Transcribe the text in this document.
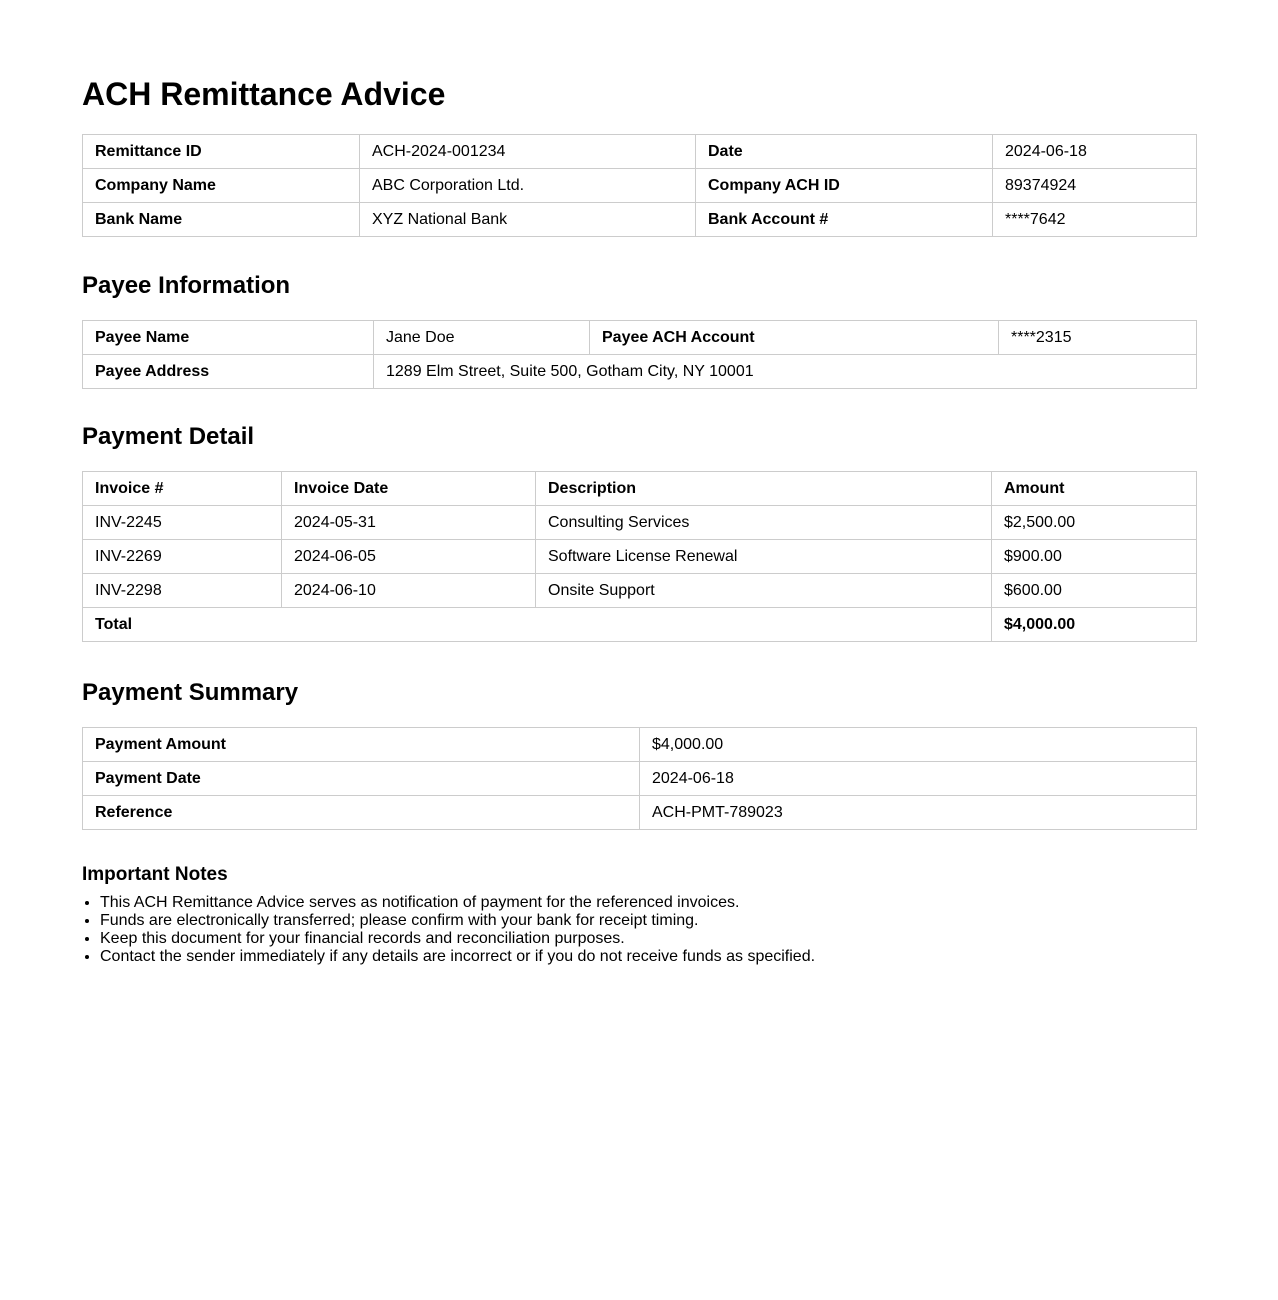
ACH Remittance Advice
Remittance ID	ACH-2024-001234	Date	2024-06-18
Company Name	ABC Corporation Ltd.	Company ACH ID	89374924
Bank Name	XYZ National Bank	Bank Account #	****7642
Payee Information
Payee Name	Jane Doe	Payee ACH Account	****2315
Payee Address	1289 Elm Street, Suite 500, Gotham City, NY 10001		
Payment Detail
Invoice #	Invoice Date	Description	Amount
INV-2245	2024-05-31	Consulting Services	$2,500.00
INV-2269	2024-06-05	Software License Renewal	$900.00
INV-2298	2024-06-10	Onsite Support	$600.00
Total			$4,000.00
Payment Summary
Payment Amount	$4,000.00
Payment Date	2024-06-18
Reference	ACH-PMT-789023
Important Notes
• This ACH Remittance Advice serves as notification of payment for the referenced invoices.
• Funds are electronically transferred; please confirm with your bank for receipt timing.
• Keep this document for your financial records and reconciliation purposes.
• Contact the sender immediately if any details are incorrect or if you do not receive funds as specified.
